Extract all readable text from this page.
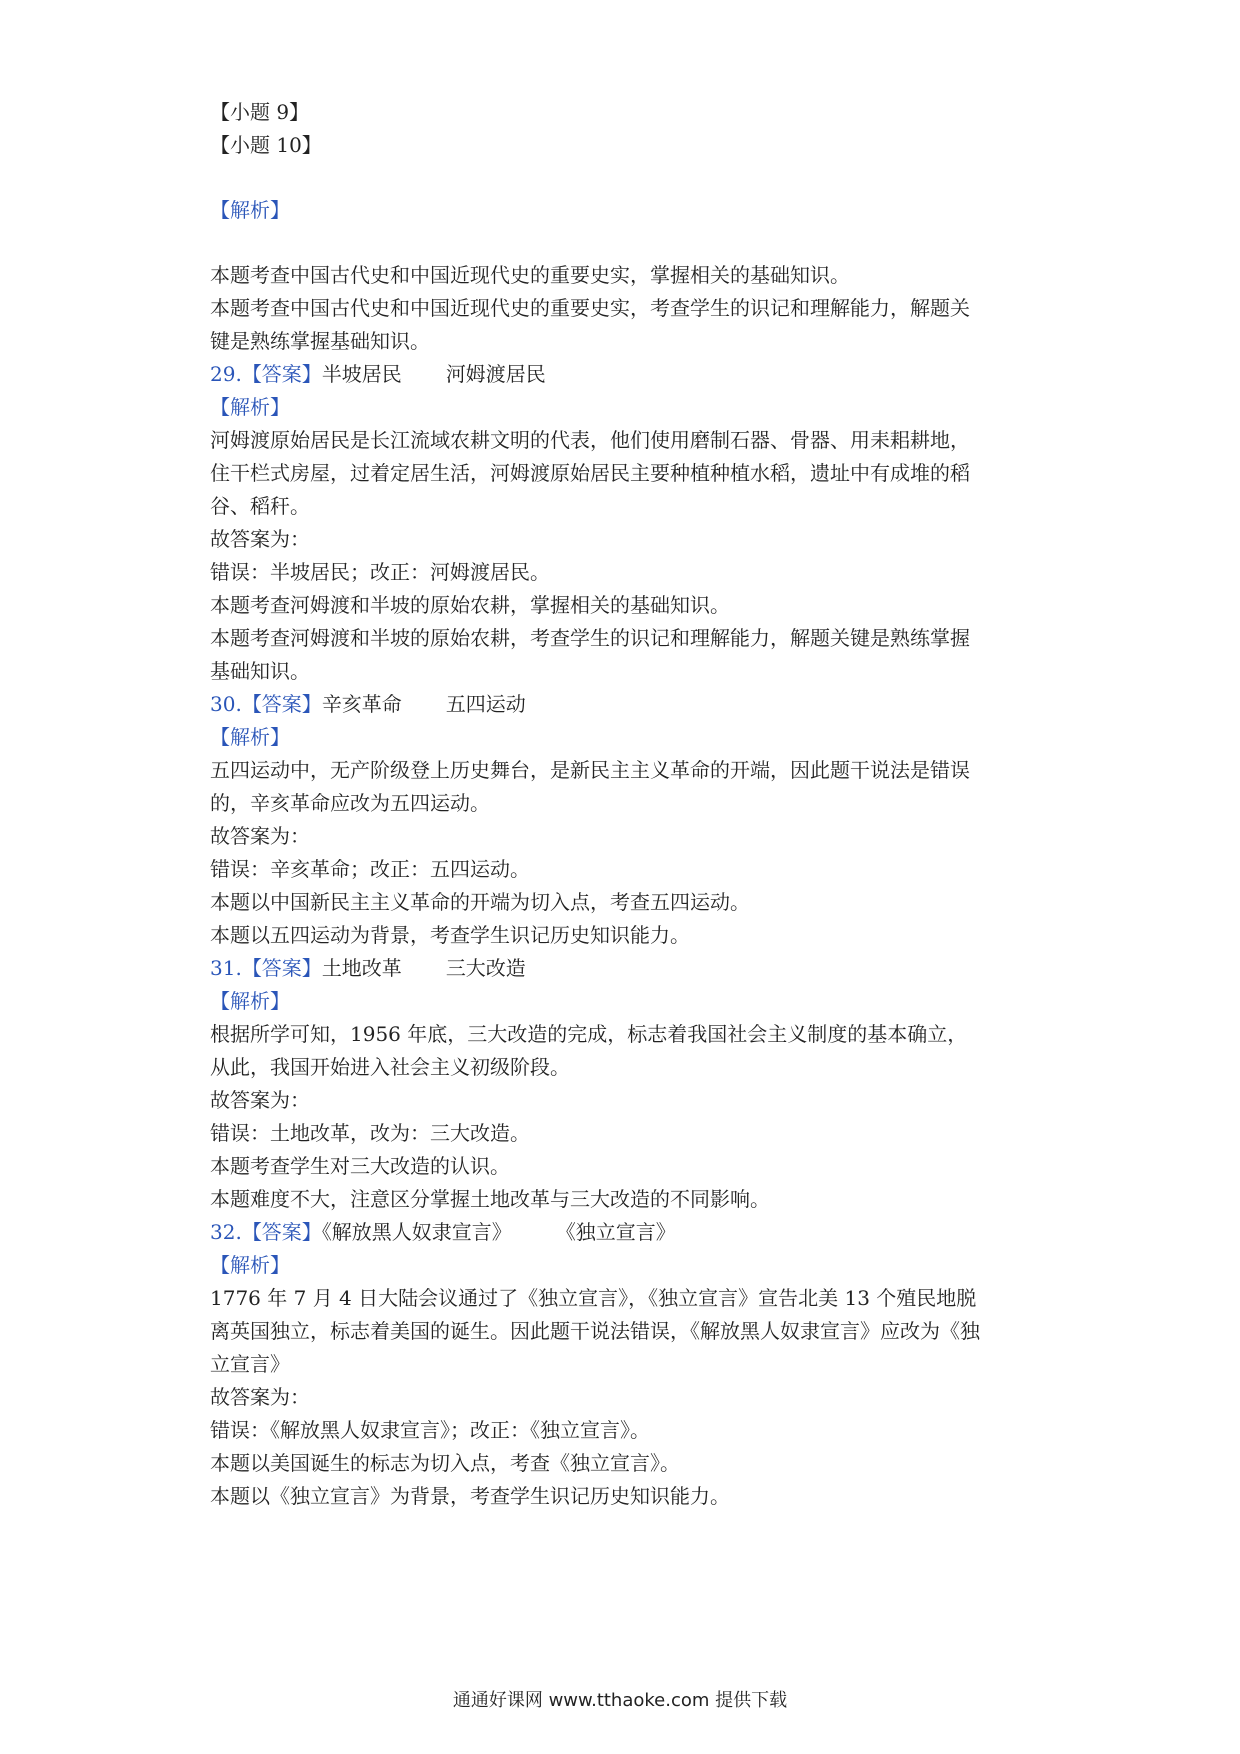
【小题 9】
【小题 10】
【解析】
本题考查中国古代史和中国近现代史的重要史实，掌握相关的基础知识。
本题考查中国古代史和中国近现代史的重要史实，考查学生的识记和理解能力，解题关
键是熟练掌握基础知识。
29.【答案】半坡居民 河姆渡居民
【解析】
河姆渡原始居民是长江流域农耕文明的代表，他们使用磨制石器、骨器、用耒耜耕地，
住干栏式房屋，过着定居生活，河姆渡原始居民主要种植种植水稻，遗址中有成堆的稻
谷、稻秆。
故答案为：
错误：半坡居民；改正：河姆渡居民。
本题考查河姆渡和半坡的原始农耕，掌握相关的基础知识。
本题考查河姆渡和半坡的原始农耕，考查学生的识记和理解能力，解题关键是熟练掌握
基础知识。
30.【答案】辛亥革命 五四运动
【解析】
五四运动中，无产阶级登上历史舞台，是新民主主义革命的开端，因此题干说法是错误
的，辛亥革命应改为五四运动。
故答案为：
错误：辛亥革命；改正：五四运动。
本题以中国新民主主义革命的开端为切入点，考查五四运动。
本题以五四运动为背景，考查学生识记历史知识能力。
31.【答案】土地改革 三大改造
【解析】
根据所学可知，1956 年底，三大改造的完成，标志着我国社会主义制度的基本确立，
从此，我国开始进入社会主义初级阶段。
故答案为：
错误：土地改革，改为：三大改造。
本题考查学生对三大改造的认识。
本题难度不大，注意区分掌握土地改革与三大改造的不同影响。
32.【答案】《解放黑人奴隶宣言》 《独立宣言》
【解析】
1776 年 7 月 4 日大陆会议通过了《独立宣言》，《独立宣言》宣告北美 13 个殖民地脱
离英国独立，标志着美国的诞生。因此题干说法错误，《解放黑人奴隶宣言》应改为《独
立宣言》
故答案为：
错误：《解放黑人奴隶宣言》；改正：《独立宣言》。
本题以美国诞生的标志为切入点，考查《独立宣言》。
本题以《独立宣言》为背景，考查学生识记历史知识能力。
通通好课网 www.tthaoke.com 提供下载
